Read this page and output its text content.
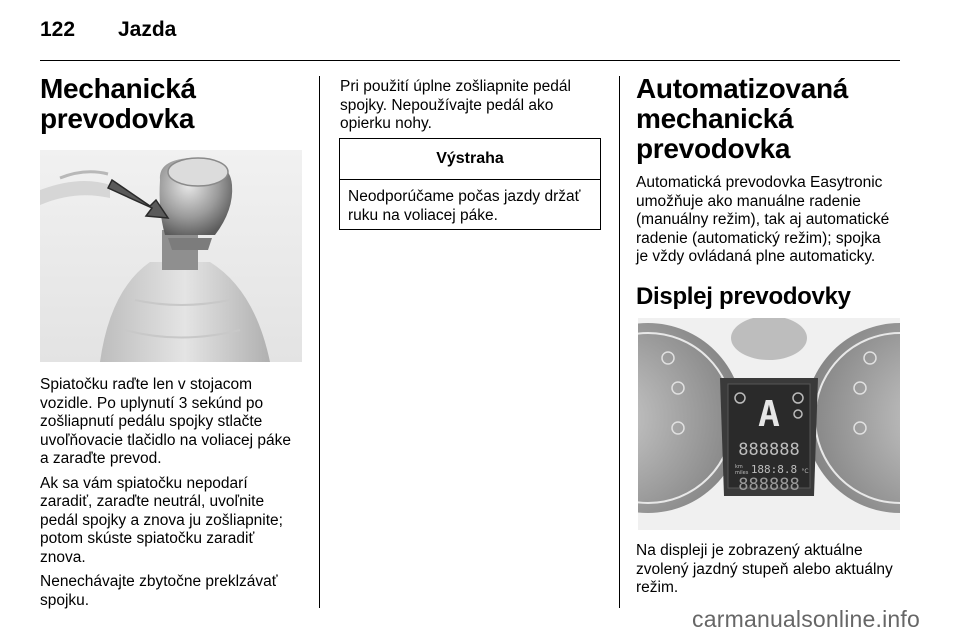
122 Jazda
Mechanická
prevodovka

Spiatočku raďte len v stojacom
vozidle. Po uplynutí 3 sekúnd po
zošliapnutí pedálu spojky stlačte
uvoľňovacie tlačidlo na voliacej páke
a zaraďte prevod.

Ak sa vám spiatočku nepodarí
zaradiť, zaraďte neutrál, uvoľnite
pedál spojky a znova ju zošliapnite;
potom skúste spiatočku zaradiť
znova.

Nenechávajte zbytočne preklzávať
spojku.

Pri použití úplne zošliapnite pedál
spojky. Nepoužívajte pedál ako
opierku nohy.

Výstraha
Neodporúčame počas jazdy držať
ruku na voliacej páke.
Automatizovaná
mechanická
prevodovka

Automatická prevodovka Easytronic
umožňuje ako manuálne radenie
(manuálny režim), tak aj automatické
radenie (automatický režim); spojka
je vždy ovládaná plne automaticky.

Displej prevodovky
A
888888
km
miles 188:8.8 °C
888888

Na displeji je zobrazený aktuálne
zvolený jazdný stupeň alebo aktuálny
režim.

carmanualsonline.info
